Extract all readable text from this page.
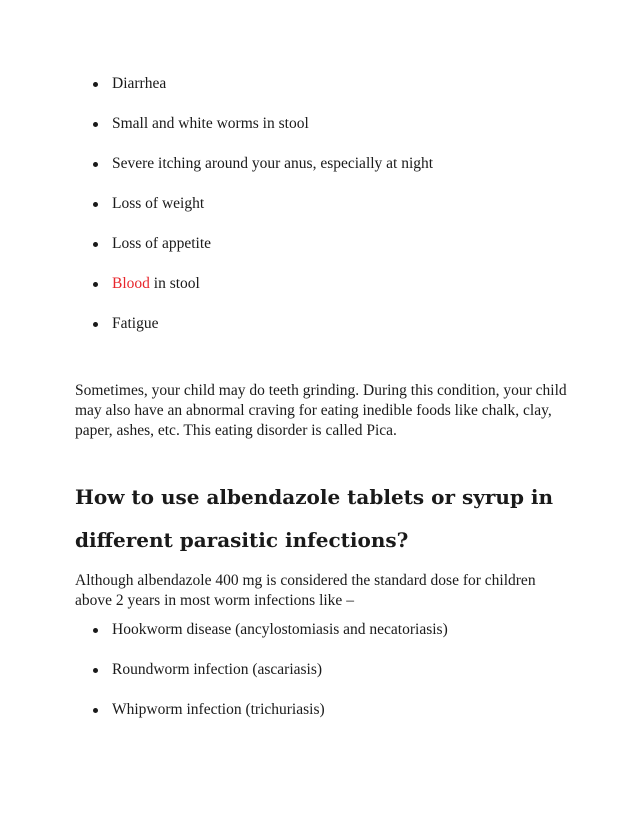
Diarrhea
Small and white worms in stool
Severe itching around your anus, especially at night
Loss of weight
Loss of appetite
Blood in stool
Fatigue

Sometimes, your child may do teeth grinding. During this condition, your child may also have an abnormal craving for eating inedible foods like chalk, clay, paper, ashes, etc. This eating disorder is called Pica.

How to use albendazole tablets or syrup in different parasitic infections?

Although albendazole 400 mg is considered the standard dose for children above 2 years in most worm infections like –

Hookworm disease (ancylostomiasis and necatoriasis)
Roundworm infection (ascariasis)
Whipworm infection (trichuriasis)
